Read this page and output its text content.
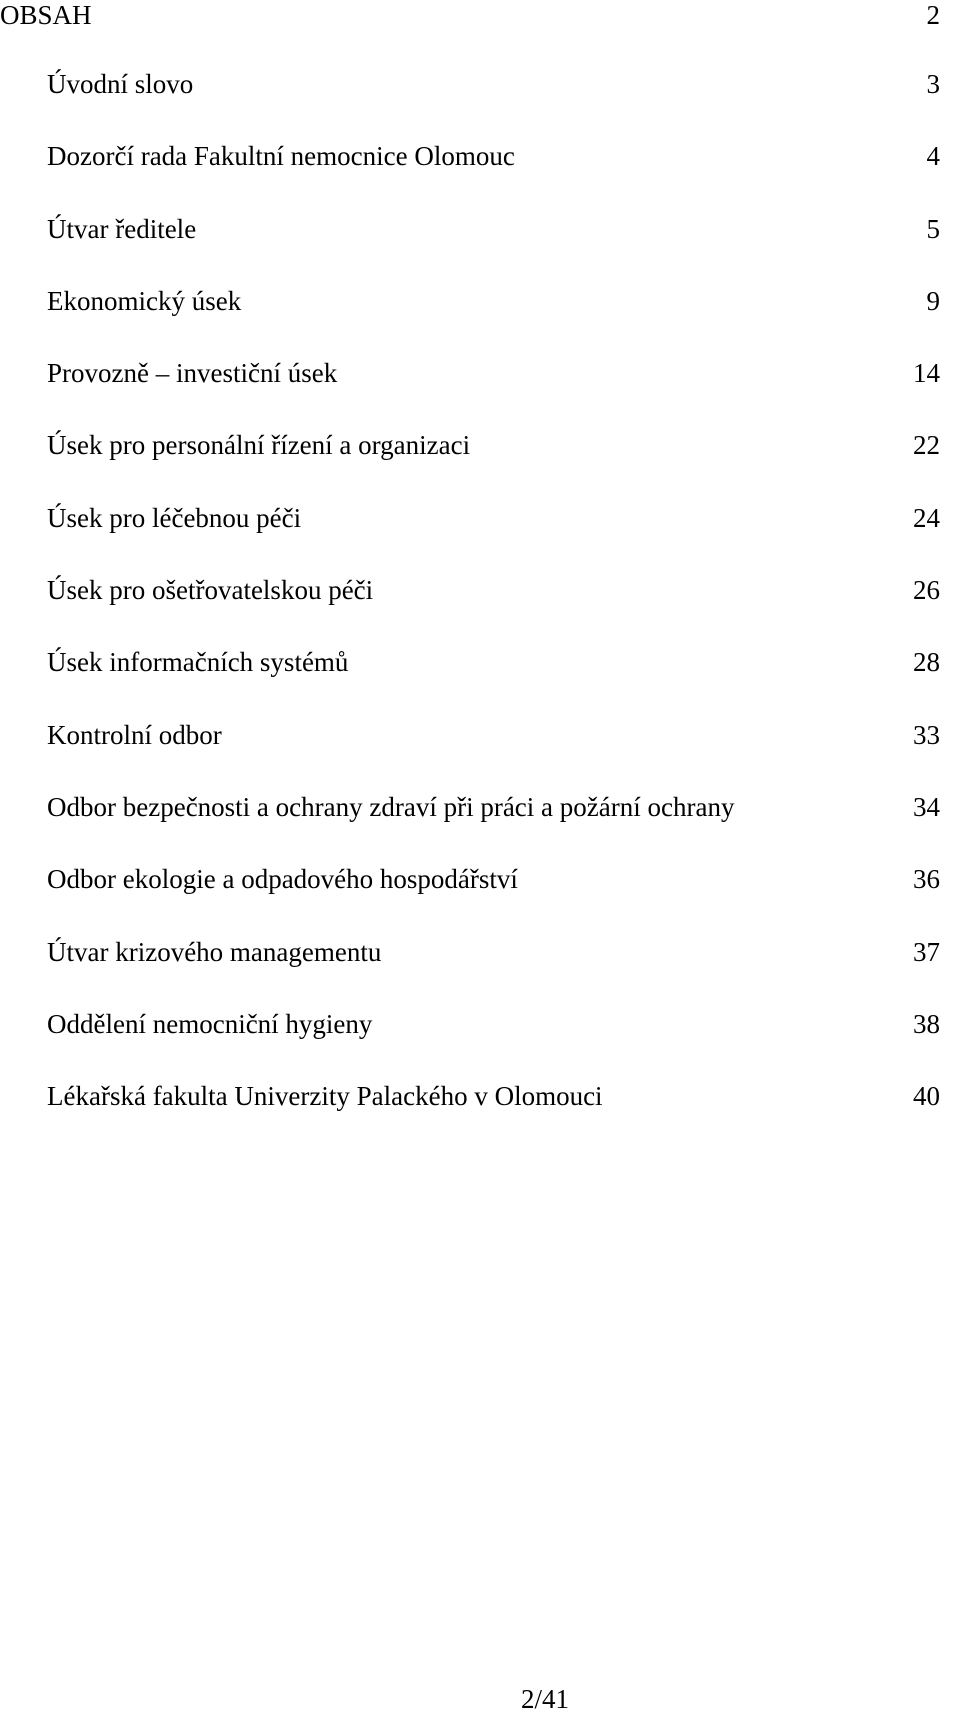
OBSAH	2
Úvodní slovo	3
Dozorčí rada Fakultní nemocnice Olomouc	4
Útvar ředitele	5
Ekonomický úsek	9
Provozně – investiční úsek	14
Úsek pro personální řízení a organizaci	22
Úsek pro léčebnou péči	24
Úsek pro ošetřovatelskou péči	26
Úsek informačních systémů	28
Kontrolní odbor	33
Odbor bezpečnosti a ochrany zdraví při práci a požární ochrany	34
Odbor ekologie a odpadového hospodářství	36
Útvar krizového managementu	37
Oddělení nemocniční hygieny	38
Lékařská fakulta Univerzity Palackého v Olomouci	40
2/41
